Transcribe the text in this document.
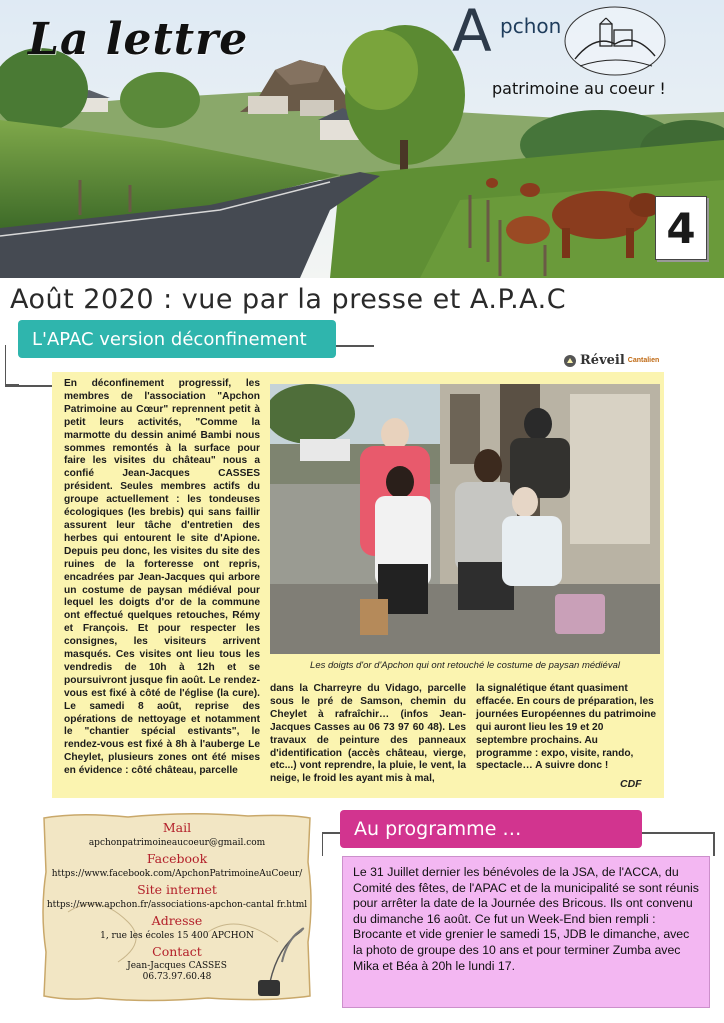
La lettre	A pchon
patrimoine au coeur !
4
Août 2020 : vue par la presse et A.P.A.C
L'APAC version déconfinement
Réveil Cantalien
En déconfinement progressif, les membres de l'association "Apchon Patrimoine au Cœur" reprennent petit à petit leurs activités, "Comme la marmotte du dessin animé Bambi nous sommes remontés à la surface pour faire les visites du château" nous a confié Jean-Jacques CASSES président. Seules membres actifs du groupe actuellement : les tondeuses écologiques (les brebis) qui sans faillir assurent leur tâche d'entretien des herbes qui entourent le site d'Apione. Depuis peu donc, les visites du site des ruines de la forteresse ont repris, encadrées par Jean-Jacques qui arbore un costume de paysan médiéval pour lequel les doigts d'or de la commune ont effectué quelques retouches, Rémy et François. Et pour respecter les consignes, les visiteurs arrivent masqués. Ces visites ont lieu tous les vendredis de 10h à 12h et se poursuivront jusque fin août. Le rendez-vous est fixé à côté de l'église (la cure). Le samedi 8 août, reprise des opérations de nettoyage et notamment le "chantier spécial estivants", le rendez-vous est fixé à 8h à l'auberge Le Cheylet, plusieurs zones ont été mises en évidence : côté château, parcelle
Les doigts d'or d'Apchon qui ont retouché le costume de paysan médiéval
dans la Charreyre du Vidago, parcelle sous le pré de Samson, chemin du Cheylet à rafraîchir… (infos Jean-Jacques Casses au 06 73 97 60 48). Les travaux de peinture des panneaux d'identification (accès château, vierge, etc...) vont reprendre, la pluie, le vent, la neige, le froid les ayant mis à mal,
la signalétique étant quasiment effacée. En cours de préparation, les journées Européennes du patrimoine qui auront lieu les 19 et 20 septembre prochains. Au programme : expo, visite, rando, spectacle… A suivre donc !
CDF
Mail
apchonpatrimoineaucoeur@gmail.com
Facebook
https://www.facebook.com/ApchonPatrimoineAuCoeur/
Site internet
https://www.apchon.fr/associations-apchon-cantal fr.html
Adresse
1, rue les écoles 15 400 APCHON
Contact
Jean-Jacques CASSES
06.73.97.60.48
Au programme …
Le 31 Juillet dernier les bénévoles de la JSA, de l'ACCA, du Comité des fêtes, de l'APAC et de la municipalité se sont réunis pour arrêter la date de la Journée des Bricous. Ils ont convenu du dimanche 16 août. Ce fut un Week-End bien rempli : Brocante et vide grenier le samedi 15, JDB le dimanche, avec la photo de groupe des 10 ans et pour terminer Zumba avec Mika et Béa à 20h le lundi 17.
